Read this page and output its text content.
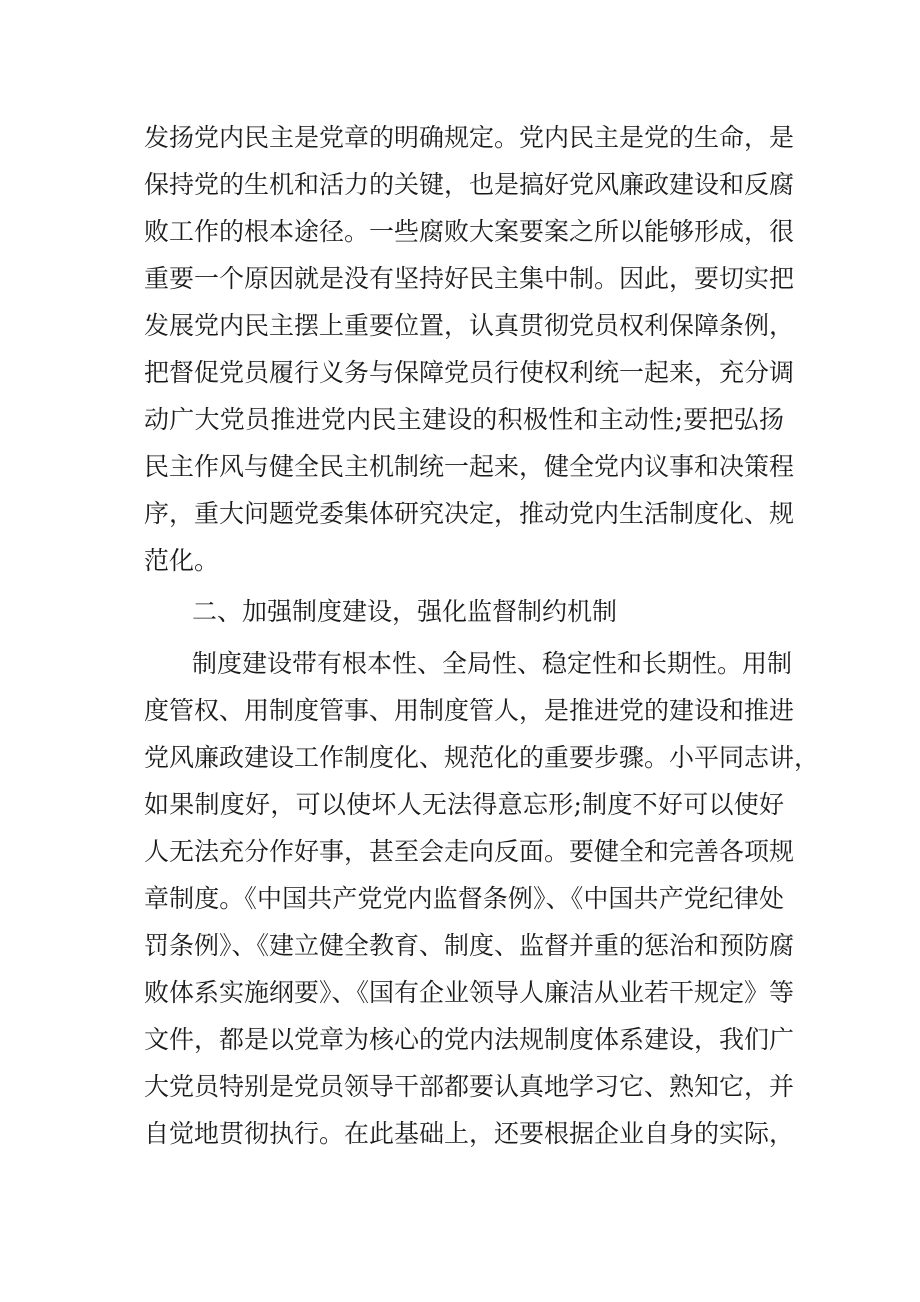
发扬党内民主是党章的明确规定。党内民主是党的生命，是
保持党的生机和活力的关键，也是搞好党风廉政建设和反腐
败工作的根本途径。一些腐败大案要案之所以能够形成，很
重要一个原因就是没有坚持好民主集中制。因此，要切实把
发展党内民主摆上重要位置，认真贯彻党员权利保障条例，
把督促党员履行义务与保障党员行使权利统一起来，充分调
动广大党员推进党内民主建设的积极性和主动性;要把弘扬
民主作风与健全民主机制统一起来，健全党内议事和决策程
序，重大问题党委集体研究决定，推动党内生活制度化、规
范化。
二、加强制度建设，强化监督制约机制
制度建设带有根本性、全局性、稳定性和长期性。用制
度管权、用制度管事、用制度管人，是推进党的建设和推进
党风廉政建设工作制度化、规范化的重要步骤。小平同志讲，
如果制度好，可以使坏人无法得意忘形;制度不好可以使好
人无法充分作好事，甚至会走向反面。要健全和完善各项规
章制度。《中国共产党党内监督条例》、《中国共产党纪律处
罚条例》、《建立健全教育、制度、监督并重的惩治和预防腐
败体系实施纲要》、《国有企业领导人廉洁从业若干规定》等
文件，都是以党章为核心的党内法规制度体系建设，我们广
大党员特别是党员领导干部都要认真地学习它、熟知它，并
自觉地贯彻执行。在此基础上，还要根据企业自身的实际，
